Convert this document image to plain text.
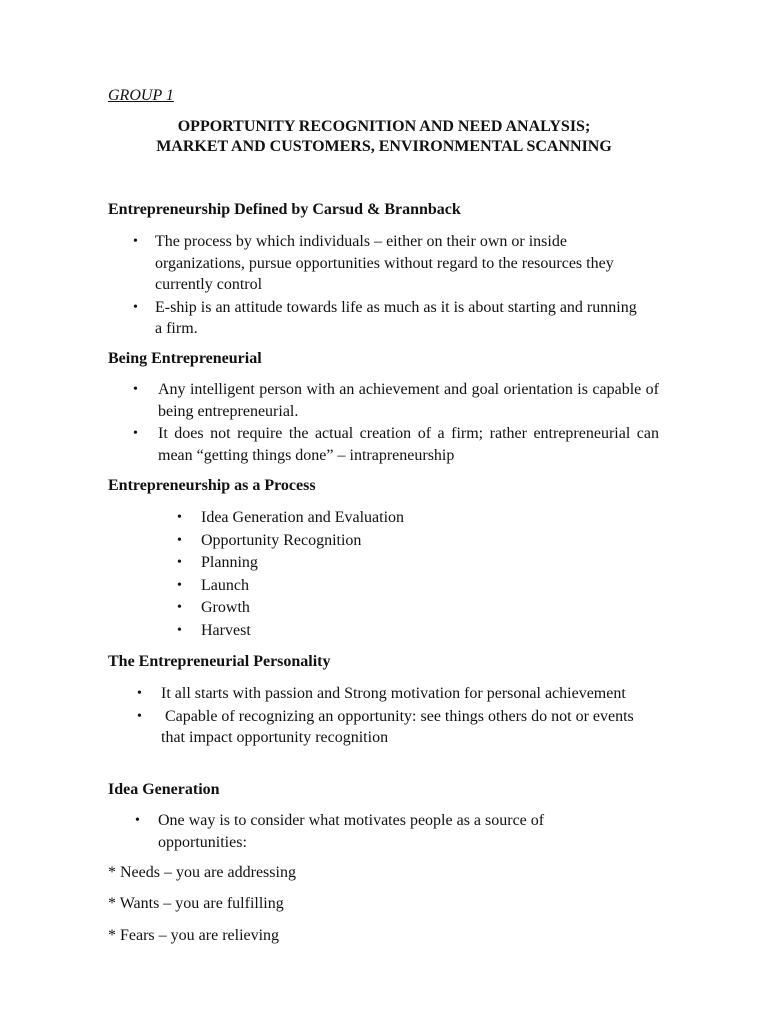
GROUP 1

OPPORTUNITY RECOGNITION AND NEED ANALYSIS;
MARKET AND CUSTOMERS, ENVIRONMENTAL SCANNING
Entrepreneurship Defined by Carsud & Brannback
• The process by which individuals – either on their own or inside organizations, pursue opportunities without regard to the resources they currently control
• E-ship is an attitude towards life as much as it is about starting and running a firm.
Being Entrepreneurial
• Any intelligent person with an achievement and goal orientation is capable of being entrepreneurial.
• It does not require the actual creation of a firm; rather entrepreneurial can mean “getting things done” – intrapreneurship
Entrepreneurship as a Process
• Idea Generation and Evaluation
• Opportunity Recognition
• Planning
• Launch
• Growth
• Harvest
The Entrepreneurial Personality
• It all starts with passion and Strong motivation for personal achievement
• Capable of recognizing an opportunity: see things others do not or events that impact opportunity recognition
Idea Generation
• One way is to consider what motivates people as a source of opportunities:

* Needs – you are addressing

* Wants – you are fulfilling

* Fears – you are relieving
